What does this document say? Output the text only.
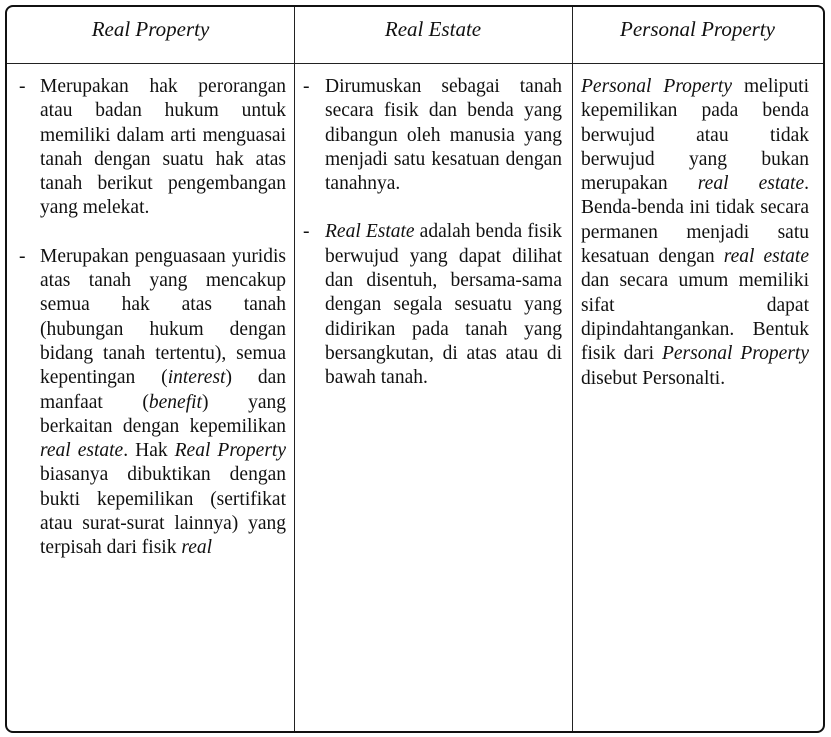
Real Property	Real Estate	Personal Property
- Merupakan hak perorangan atau badan hukum untuk memiliki dalam arti menguasai tanah dengan suatu hak atas tanah berikut pengembangan yang melekat.
- Merupakan penguasaan yuridis atas tanah yang mencakup semua hak atas tanah (hubungan hukum dengan bidang tanah tertentu), semua kepentingan (interest) dan manfaat (benefit) yang berkaitan dengan kepemilikan real estate. Hak Real Property biasanya dibuktikan dengan bukti kepemilikan (sertifikat atau surat-surat lainnya) yang terpisah dari fisik real
- Dirumuskan sebagai tanah secara fisik dan benda yang dibangun oleh manusia yang menjadi satu kesatuan dengan tanahnya.
- Real Estate adalah benda fisik berwujud yang dapat dilihat dan disentuh, bersama-sama dengan segala sesuatu yang didirikan pada tanah yang bersangkutan, di atas atau di bawah tanah.
Personal Property meliputi kepemilikan pada benda berwujud atau tidak berwujud yang bukan merupakan real estate. Benda-benda ini tidak secara permanen menjadi satu kesatuan dengan real estate dan secara umum memiliki sifat dapat dipindahtangankan. Bentuk fisik dari Personal Property disebut Personalti.
